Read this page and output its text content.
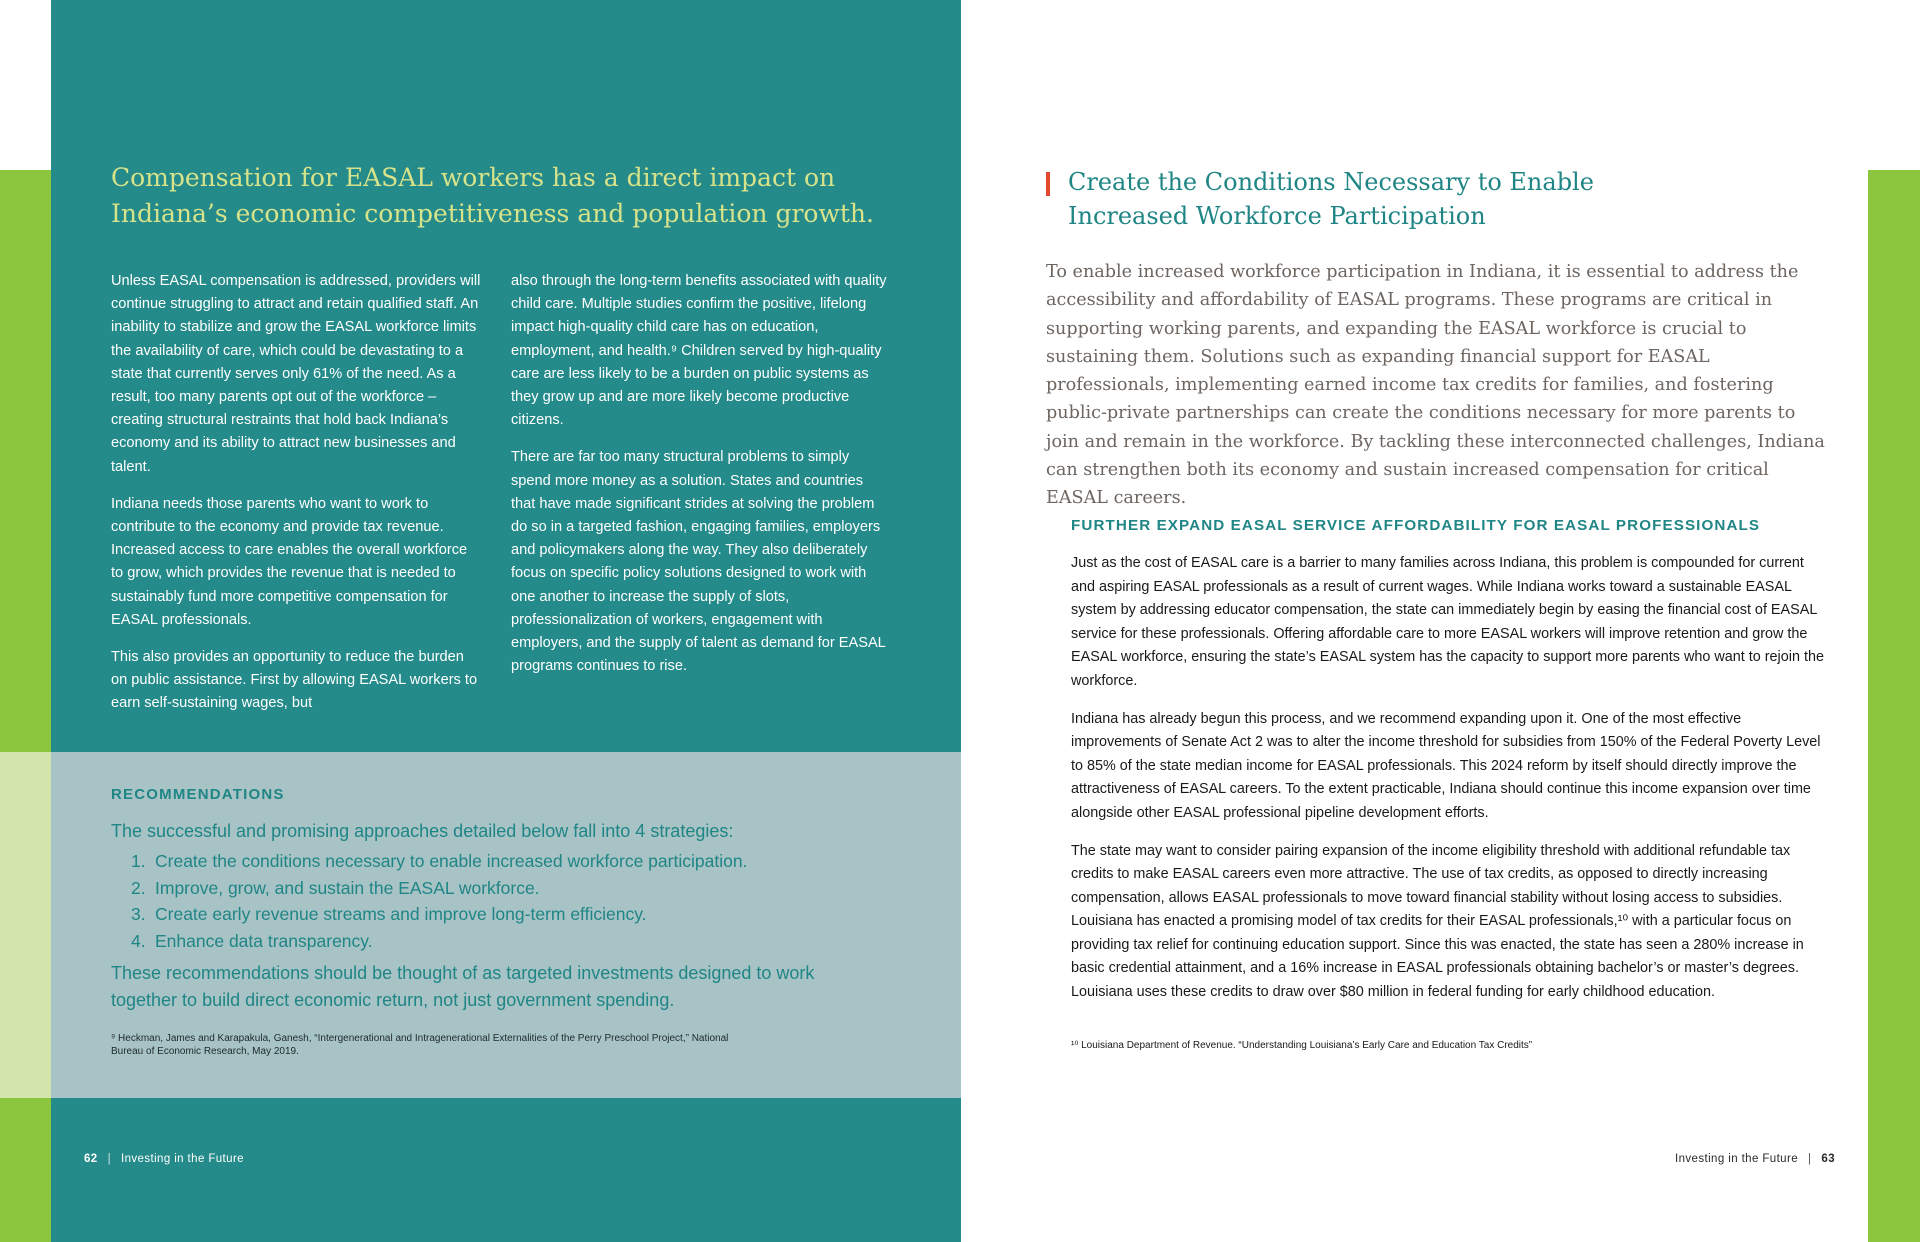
Compensation for EASAL workers has a direct impact on Indiana’s economic competitiveness and population growth.

Unless EASAL compensation is addressed, providers will continue struggling to attract and retain qualified staff. An inability to stabilize and grow the EASAL workforce limits the availability of care, which could be devastating to a state that currently serves only 61% of the need. As a result, too many parents opt out of the workforce – creating structural restraints that hold back Indiana’s economy and its ability to attract new businesses and talent.

Indiana needs those parents who want to work to contribute to the economy and provide tax revenue. Increased access to care enables the overall workforce to grow, which provides the revenue that is needed to sustainably fund more competitive compensation for EASAL professionals.

This also provides an opportunity to reduce the burden on public assistance. First by allowing EASAL workers to earn self-sustaining wages, but

also through the long-term benefits associated with quality child care. Multiple studies confirm the positive, lifelong impact high-quality child care has on education, employment, and health.⁹ Children served by high-quality care are less likely to be a burden on public systems as they grow up and are more likely become productive citizens.

There are far too many structural problems to simply spend more money as a solution. States and countries that have made significant strides at solving the problem do so in a targeted fashion, engaging families, employers and policymakers along the way. They also deliberately focus on specific policy solutions designed to work with one another to increase the supply of slots, professionalization of workers, engagement with employers, and the supply of talent as demand for EASAL programs continues to rise.

RECOMMENDATIONS
The successful and promising approaches detailed below fall into 4 strategies:
1. Create the conditions necessary to enable increased workforce participation.
2. Improve, grow, and sustain the EASAL workforce.
3. Create early revenue streams and improve long-term efficiency.
4. Enhance data transparency.
These recommendations should be thought of as targeted investments designed to work together to build direct economic return, not just government spending.
⁹ Heckman, James and Karapakula, Ganesh, “Intergenerational and Intragenerational Externalities of the Perry Preschool Project,” National Bureau of Economic Research, May 2019.
62 | Investing in the Future
Create the Conditions Necessary to Enable Increased Workforce Participation
To enable increased workforce participation in Indiana, it is essential to address the accessibility and affordability of EASAL programs. These programs are critical in supporting working parents, and expanding the EASAL workforce is crucial to sustaining them. Solutions such as expanding financial support for EASAL professionals, implementing earned income tax credits for families, and fostering public-private partnerships can create the conditions necessary for more parents to join and remain in the workforce. By tackling these interconnected challenges, Indiana can strengthen both its economy and sustain increased compensation for critical EASAL careers.
FURTHER EXPAND EASAL SERVICE AFFORDABILITY FOR EASAL PROFESSIONALS

Just as the cost of EASAL care is a barrier to many families across Indiana, this problem is compounded for current and aspiring EASAL professionals as a result of current wages. While Indiana works toward a sustainable EASAL system by addressing educator compensation, the state can immediately begin by easing the financial cost of EASAL service for these professionals. Offering affordable care to more EASAL workers will improve retention and grow the EASAL workforce, ensuring the state’s EASAL system has the capacity to support more parents who want to rejoin the workforce.

Indiana has already begun this process, and we recommend expanding upon it. One of the most effective improvements of Senate Act 2 was to alter the income threshold for subsidies from 150% of the Federal Poverty Level to 85% of the state median income for EASAL professionals. This 2024 reform by itself should directly improve the attractiveness of EASAL careers. To the extent practicable, Indiana should continue this income expansion over time alongside other EASAL professional pipeline development efforts.

The state may want to consider pairing expansion of the income eligibility threshold with additional refundable tax credits to make EASAL careers even more attractive. The use of tax credits, as opposed to directly increasing compensation, allows EASAL professionals to move toward financial stability without losing access to subsidies. Louisiana has enacted a promising model of tax credits for their EASAL professionals,¹⁰ with a particular focus on providing tax relief for continuing education support. Since this was enacted, the state has seen a 280% increase in basic credential attainment, and a 16% increase in EASAL professionals obtaining bachelor’s or master’s degrees. Louisiana uses these credits to draw over $80 million in federal funding for early childhood education.

¹⁰ Louisiana Department of Revenue. “Understanding Louisiana’s Early Care and Education Tax Credits”
Investing in the Future | 63
